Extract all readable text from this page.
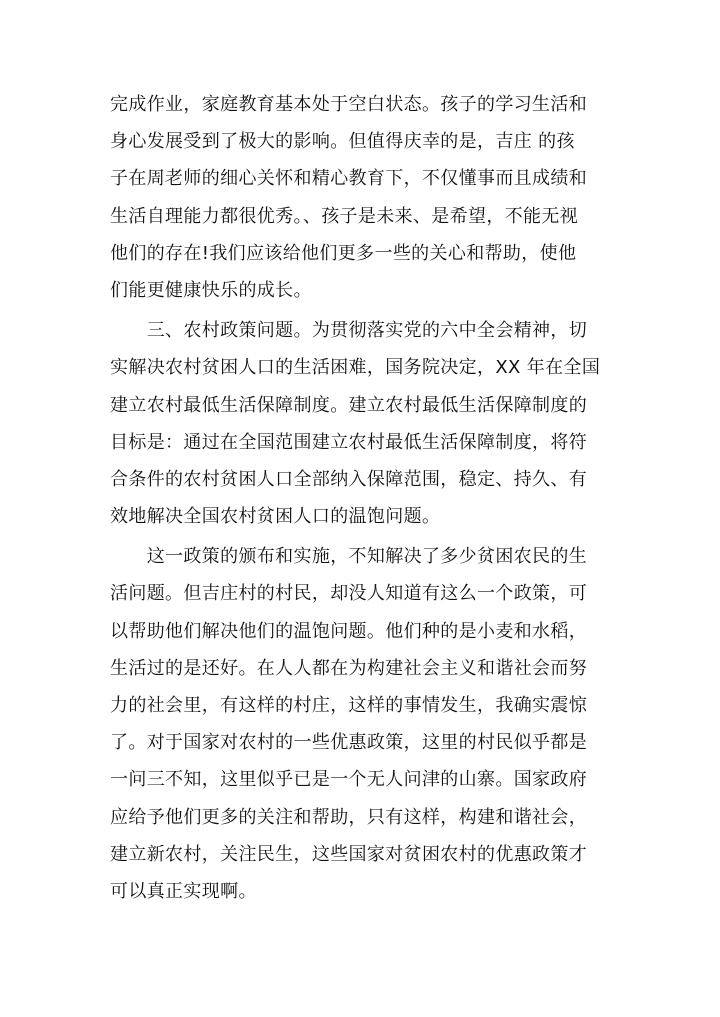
完成作业，家庭教育基本处于空白状态。孩子的学习生活和
身心发展受到了极大的影响。但值得庆幸的是，吉庄 的孩
子在周老师的细心关怀和精心教育下，不仅懂事而且成绩和
生活自理能力都很优秀。、孩子是未来、是希望，不能无视
他们的存在!我们应该给他们更多一些的关心和帮助，使他
们能更健康快乐的成长。
　　三、农村政策问题。为贯彻落实党的六中全会精神，切
实解决农村贫困人口的生活困难，国务院决定，XX 年在全国
建立农村最低生活保障制度。建立农村最低生活保障制度的
目标是：通过在全国范围建立农村最低生活保障制度，将符
合条件的农村贫困人口全部纳入保障范围，稳定、持久、有
效地解决全国农村贫困人口的温饱问题。
　　这一政策的颁布和实施，不知解决了多少贫困农民的生
活问题。但吉庄村的村民，却没人知道有这么一个政策，可
以帮助他们解决他们的温饱问题。他们种的是小麦和水稻，
生活过的是还好。在人人都在为构建社会主义和谐社会而努
力的社会里，有这样的村庄，这样的事情发生，我确实震惊
了。对于国家对农村的一些优惠政策，这里的村民似乎都是
一问三不知，这里似乎已是一个无人问津的山寨。国家政府
应给予他们更多的关注和帮助，只有这样，构建和谐社会，
建立新农村，关注民生，这些国家对贫困农村的优惠政策才
可以真正实现啊。
